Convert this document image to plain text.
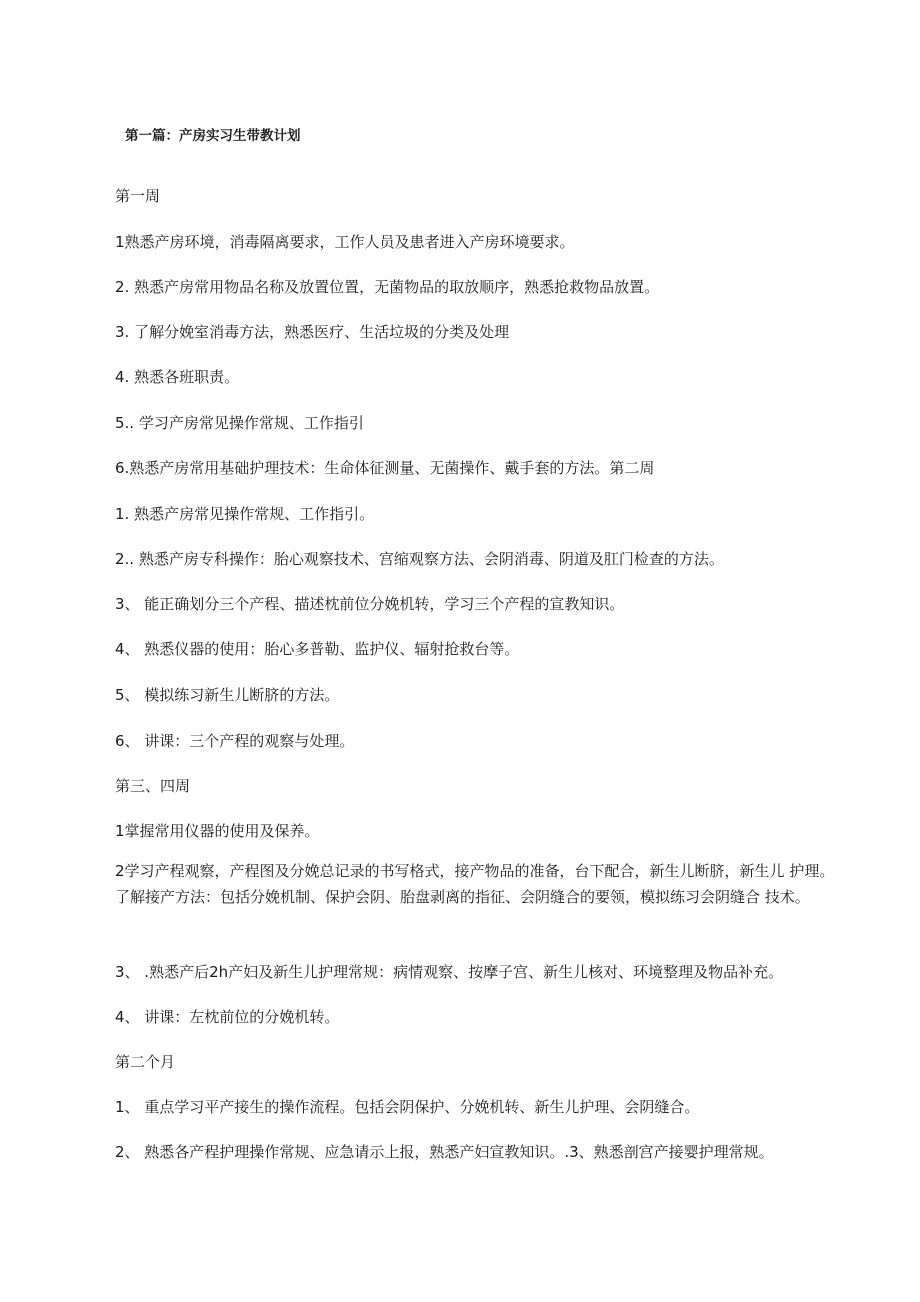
第一篇：产房实习生带教计划
第一周
1熟悉产房环境，消毒隔离要求，工作人员及患者进入产房环境要求。
2. 熟悉产房常用物品名称及放置位置，无菌物品的取放顺序，熟悉抢救物品放置。
3. 了解分娩室消毒方法，熟悉医疗、生活垃圾的分类及处理
4. 熟悉各班职责。
5.. 学习产房常见操作常规、工作指引
6.熟悉产房常用基础护理技术：生命体征测量、无菌操作、戴手套的方法。第二周
1. 熟悉产房常见操作常规、工作指引。
2.. 熟悉产房专科操作：胎心观察技术、宫缩观察方法、会阴消毒、阴道及肛门检查的方法。
3、 能正确划分三个产程、描述枕前位分娩机转，学习三个产程的宣教知识。
4、 熟悉仪器的使用：胎心多普勒、监护仪、辐射抢救台等。
5、 模拟练习新生儿断脐的方法。
6、 讲课：三个产程的观察与处理。
第三、四周
1掌握常用仪器的使用及保养。
2学习产程观察，产程图及分娩总记录的书写格式，接产物品的准备，台下配合，新生儿断脐，新生儿 护理。了解接产方法：包括分娩机制、保护会阴、胎盘剥离的指征、会阴缝合的要领，模拟练习会阴缝合 技术。
3、 .熟悉产后2h产妇及新生儿护理常规：病情观察、按摩子宫、新生儿核对、环境整理及物品补充。
4、 讲课：左枕前位的分娩机转。
第二个月
1、 重点学习平产接生的操作流程。包括会阴保护、分娩机转、新生儿护理、会阴缝合。
2、 熟悉各产程护理操作常规、应急请示上报，熟悉产妇宣教知识。.3、熟悉剖宫产接婴护理常规。
